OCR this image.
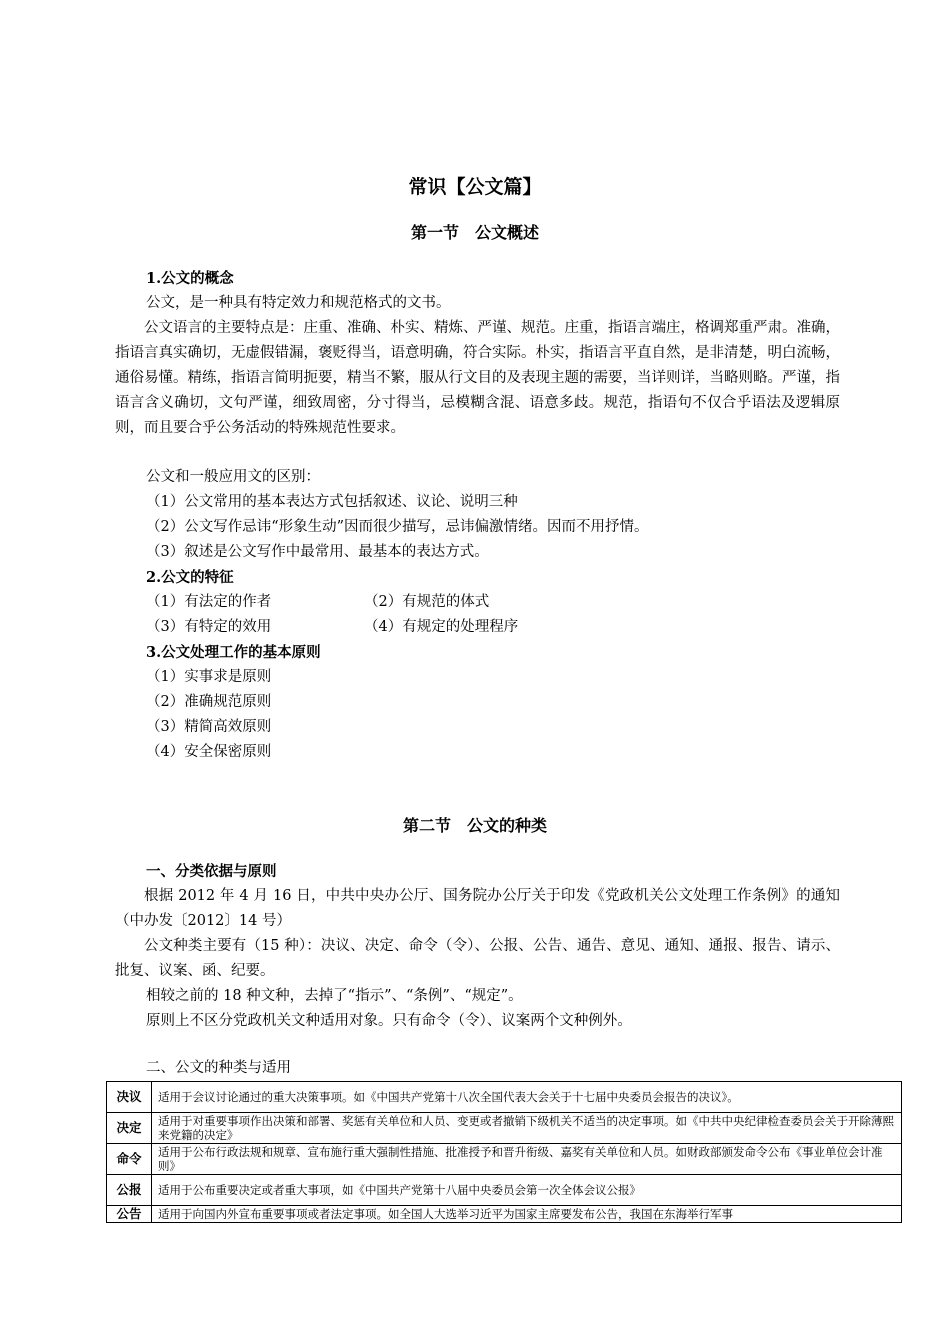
常识【公文篇】
第一节　公文概述
1.公文的概念
公文，是一种具有特定效力和规范格式的文书。
公文语言的主要特点是：庄重、准确、朴实、精炼、严谨、规范。庄重，指语言端庄，格调郑重严肃。准确，指语言真实确切，无虚假错漏，褒贬得当，语意明确，符合实际。朴实，指语言平直自然，是非清楚，明白流畅，通俗易懂。精练，指语言简明扼要，精当不繁，服从行文目的及表现主题的需要，当详则详，当略则略。严谨，指语言含义确切，文句严谨，细致周密，分寸得当，忌模糊含混、语意多歧。规范，指语句不仅合乎语法及逻辑原则，而且要合乎公务活动的特殊规范性要求。
公文和一般应用文的区别：
（1）公文常用的基本表达方式包括叙述、议论、说明三种
（2）公文写作忌讳“形象生动”因而很少描写，忌讳偏激情绪。因而不用抒情。
（3）叙述是公文写作中最常用、最基本的表达方式。
2.公文的特征
（1）有法定的作者	（2）有规范的体式
（3）有特定的效用	（4）有规定的处理程序
3.公文处理工作的基本原则
（1）实事求是原则
（2）准确规范原则
（3）精简高效原则
（4）安全保密原则
第二节　公文的种类
一、分类依据与原则
根据 2012 年 4 月 16 日，中共中央办公厅、国务院办公厅关于印发《党政机关公文处理工作条例》的通知（中办发〔2012〕14 号）
公文种类主要有（15 种）：决议、决定、命令（令）、公报、公告、通告、意见、通知、通报、报告、请示、批复、议案、函、纪要。
相较之前的 18 种文种，去掉了“指示”、“条例”、“规定”。
原则上不区分党政机关文种适用对象。只有命令（令）、议案两个文种例外。
二、公文的种类与适用
决议	适用于会议讨论通过的重大决策事项。如《中国共产党第十八次全国代表大会关于十七届中央委员会报告的决议》。
决定	适用于对重要事项作出决策和部署、奖惩有关单位和人员、变更或者撤销下级机关不适当的决定事项。如《中共中央纪律检查委员会关于开除薄熙来党籍的决定》
命令	适用于公布行政法规和规章、宣布施行重大强制性措施、批准授予和晋升衔级、嘉奖有关单位和人员。如财政部颁发命令公布《事业单位会计准则》
公报	适用于公布重要决定或者重大事项，如《中国共产党第十八届中央委员会第一次全体会议公报》
公告	适用于向国内外宣布重要事项或者法定事项。如全国人大选举习近平为国家主席要发布公告，我国在东海举行军事
